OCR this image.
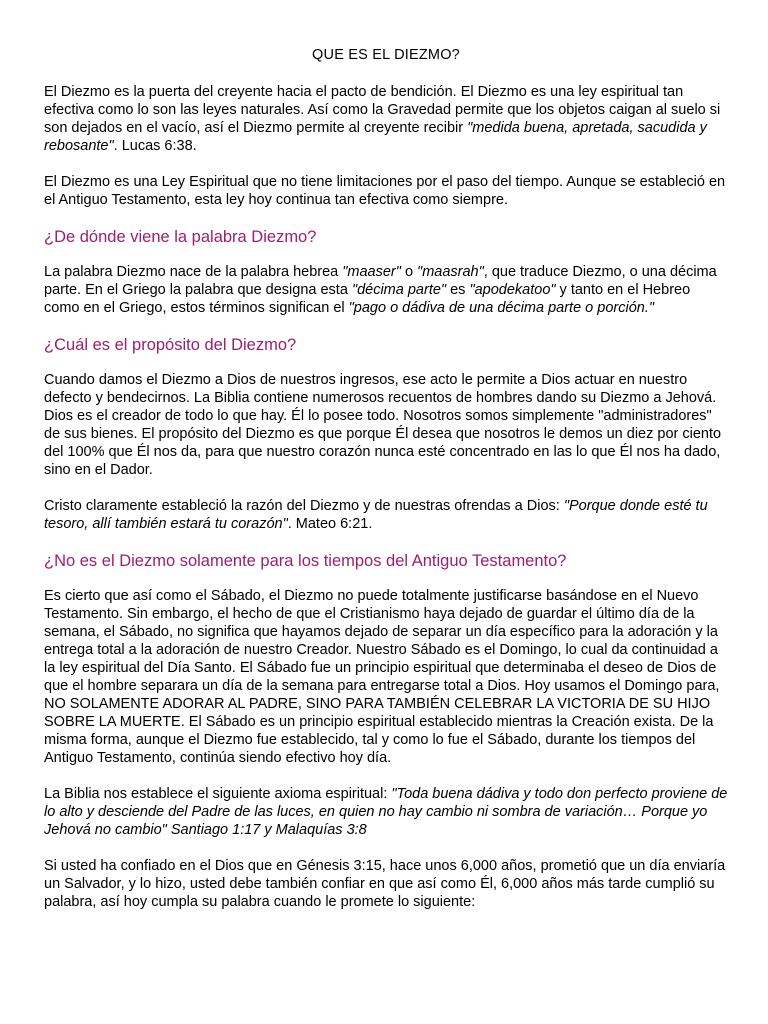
QUE ES EL DIEZMO?

El Diezmo es la puerta del creyente hacia el pacto de bendición. El Diezmo es una ley espiritual tan efectiva como lo son las leyes naturales. Así como la Gravedad permite que los objetos caigan al suelo si son dejados en el vacío, así el Diezmo permite al creyente recibir "medida buena, apretada, sacudida y rebosante". Lucas 6:38.

El Diezmo es una Ley Espiritual que no tiene limitaciones por el paso del tiempo. Aunque se estableció en el Antiguo Testamento, esta ley hoy continua tan efectiva como siempre.

¿De dónde viene la palabra Diezmo?

La palabra Diezmo nace de la palabra hebrea "maaser" o "maasrah", que traduce Diezmo, o una décima parte. En el Griego la palabra que designa esta "décima parte" es "apodekatoo" y tanto en el Hebreo como en el Griego, estos términos significan el "pago o dádiva de una décima parte o porción."

¿Cuál es el propósito del Diezmo?

Cuando damos el Diezmo a Dios de nuestros ingresos, ese acto le permite a Dios actuar en nuestro defecto y bendecirnos. La Biblia contiene numerosos recuentos de hombres dando su Diezmo a Jehová. Dios es el creador de todo lo que hay. Él lo posee todo. Nosotros somos simplemente "administradores" de sus bienes. El propósito del Diezmo es que porque Él desea que nosotros le demos un diez por ciento del 100% que Él nos da, para que nuestro corazón nunca esté concentrado en las lo que Él nos ha dado, sino en el Dador.

Cristo claramente estableció la razón del Diezmo y de nuestras ofrendas a Dios: "Porque donde esté tu tesoro, allí también estará tu corazón". Mateo 6:21.

¿No es el Diezmo solamente para los tiempos del Antiguo Testamento?

Es cierto que así como el Sábado, el Diezmo no puede totalmente justificarse basándose en el Nuevo Testamento. Sin embargo, el hecho de que el Cristianismo haya dejado de guardar el último día de la semana, el Sábado, no significa que hayamos dejado de separar un día específico para la adoración y la entrega total a la adoración de nuestro Creador. Nuestro Sábado es el Domingo, lo cual da continuidad a la ley espiritual del Día Santo. El Sábado fue un principio espiritual que determinaba el deseo de Dios de que el hombre separara un día de la semana para entregarse total a Dios. Hoy usamos el Domingo para, NO SOLAMENTE ADORAR AL PADRE, SINO PARA TAMBIÉN CELEBRAR LA VICTORIA DE SU HIJO SOBRE LA MUERTE. El Sábado es un principio espiritual establecido mientras la Creación exista. De la misma forma, aunque el Diezmo fue establecido, tal y como lo fue el Sábado, durante los tiempos del Antiguo Testamento, continúa siendo efectivo hoy día.

La Biblia nos establece el siguiente axioma espiritual: "Toda buena dádiva y todo don perfecto proviene de lo alto y desciende del Padre de las luces, en quien no hay cambio ni sombra de variación… Porque yo Jehová no cambio" Santiago 1:17 y Malaquías 3:8

Si usted ha confiado en el Dios que en Génesis 3:15, hace unos 6,000 años, prometió que un día enviaría un Salvador, y lo hizo, usted debe también confiar en que así como Él, 6,000 años más tarde cumplió su palabra, así hoy cumpla su palabra cuando le promete lo siguiente:
